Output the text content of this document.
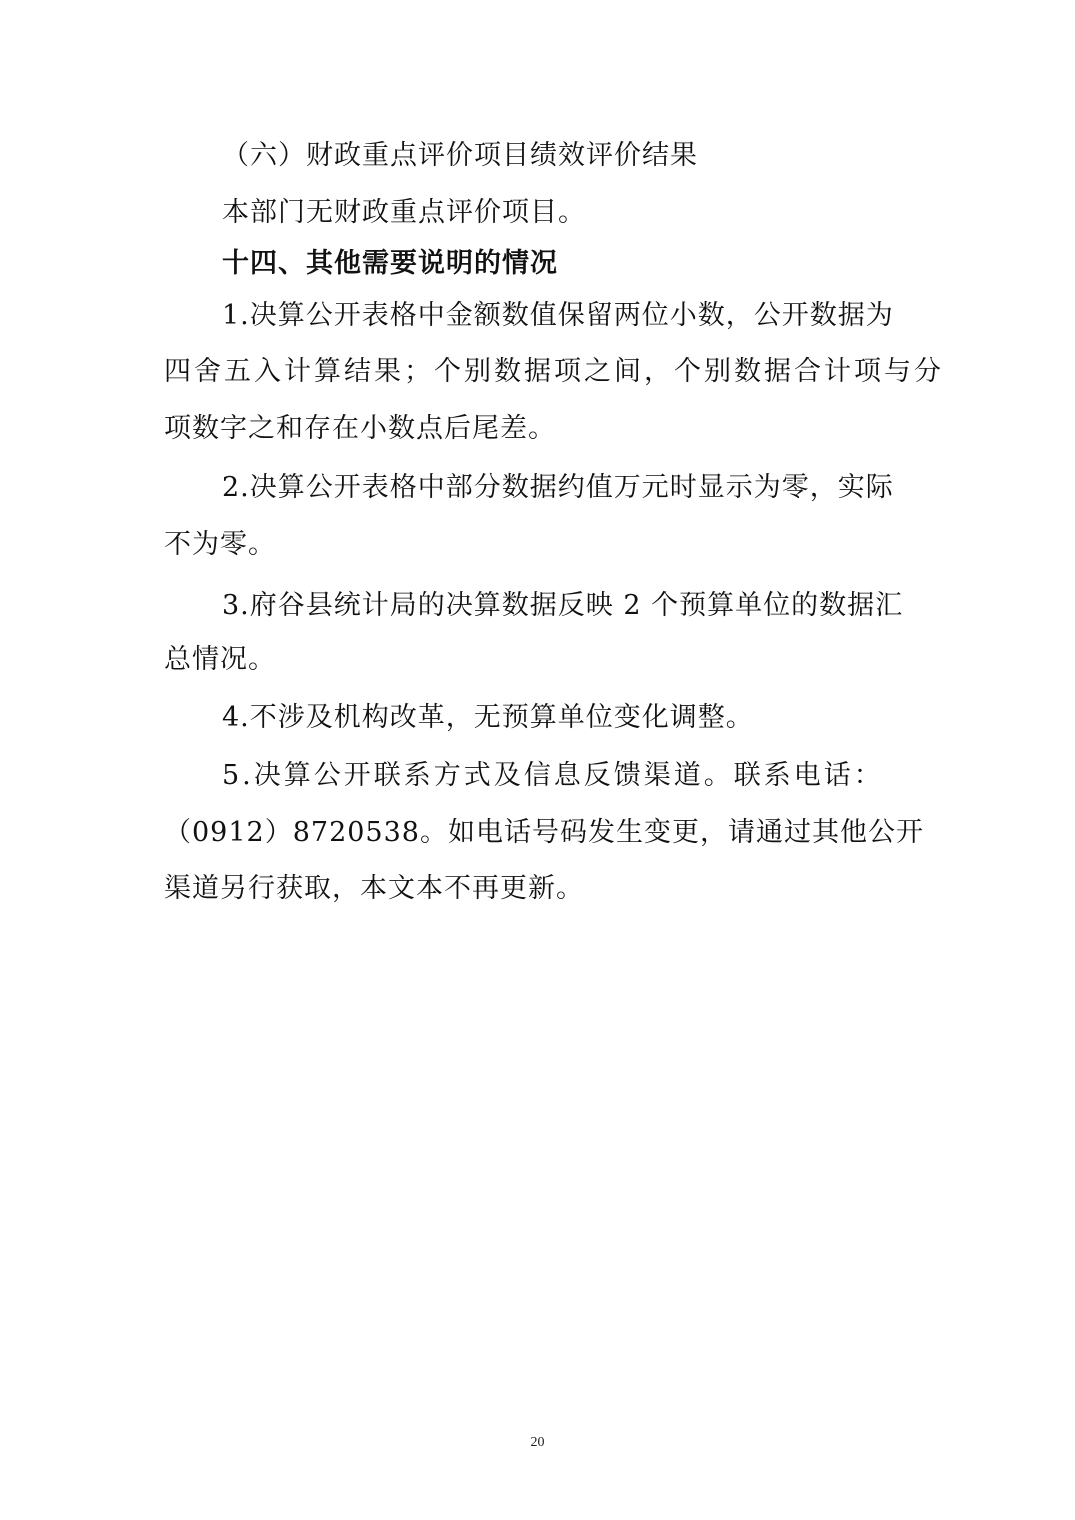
（六）财政重点评价项目绩效评价结果
本部门无财政重点评价项目。
十四、其他需要说明的情况
1.决算公开表格中金额数值保留两位小数，公开数据为
四舍五入计算结果；个别数据项之间，个别数据合计项与分
项数字之和存在小数点后尾差。
2.决算公开表格中部分数据约值万元时显示为零，实际
不为零。
3.府谷县统计局的决算数据反映 2 个预算单位的数据汇
总情况。
4.不涉及机构改革，无预算单位变化调整。
5.决算公开联系方式及信息反馈渠道。联系电话：
（0912）8720538。如电话号码发生变更，请通过其他公开
渠道另行获取，本文本不再更新。
20
